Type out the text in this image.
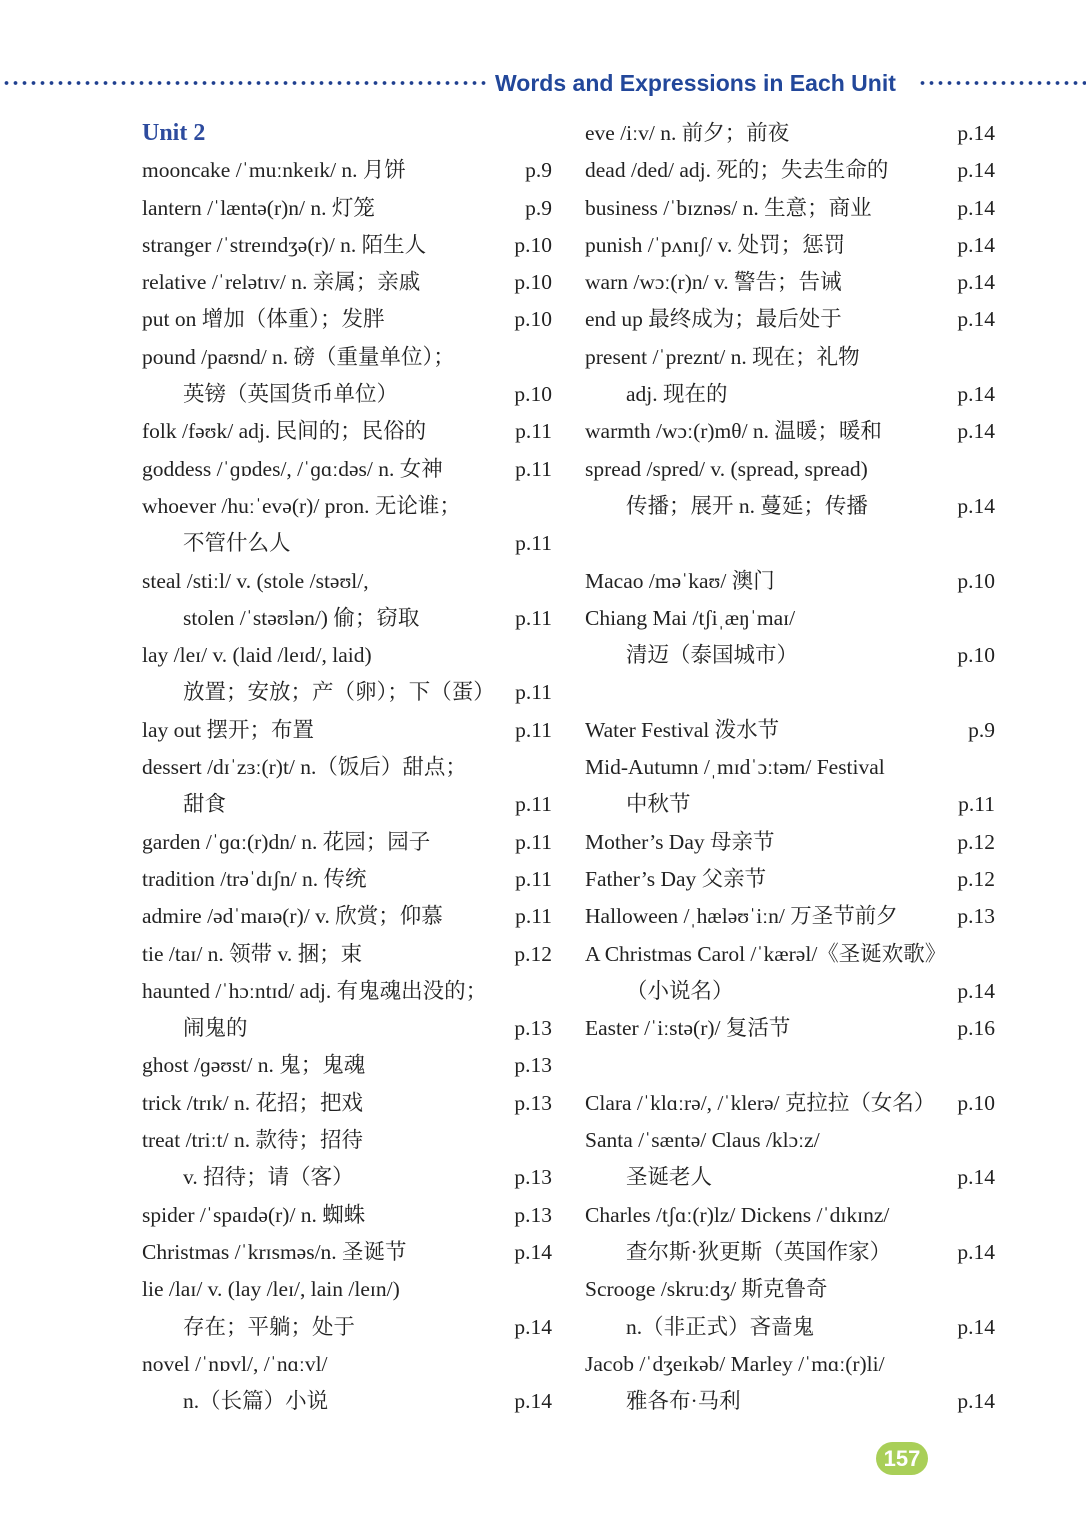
Words and Expressions in Each Unit
Unit 2
mooncake /ˈmuːnkeɪk/ n. 月饼	p.9
lantern /ˈlæntə(r)n/ n. 灯笼	p.9
stranger /ˈstreɪndʒə(r)/ n. 陌生人	p.10
relative /ˈrelətɪv/ n. 亲属；亲戚	p.10
put on 增加（体重）；发胖	p.10
pound /paʊnd/ n. 磅（重量单位）；
英镑（英国货币单位）	p.10
folk /fəʊk/ adj. 民间的；民俗的	p.11
goddess /ˈɡɒdes/, /ˈɡɑːdəs/ n. 女神	p.11
whoever /huːˈevə(r)/ pron. 无论谁；
不管什么人	p.11
steal /stiːl/ v. (stole /stəʊl/,
stolen /ˈstəʊlən/) 偷；窃取	p.11
lay /leɪ/ v. (laid /leɪd/, laid)
放置；安放；产（卵）；下（蛋） p.11
lay out 摆开；布置	p.11
dessert /dɪˈzɜː(r)t/ n.（饭后）甜点；
甜食	p.11
garden /ˈɡɑː(r)dn/ n. 花园；园子	p.11
tradition /trəˈdɪʃn/ n. 传统	p.11
admire /ədˈmaɪə(r)/ v. 欣赏；仰慕	p.11
tie /taɪ/ n. 领带 v. 捆；束	p.12
haunted /ˈhɔːntɪd/ adj. 有鬼魂出没的；
闹鬼的	p.13
ghost /ɡəʊst/ n. 鬼；鬼魂	p.13
trick /trɪk/ n. 花招；把戏	p.13
treat /triːt/ n. 款待；招待
v. 招待；请（客）	p.13
spider /ˈspaɪdə(r)/ n. 蜘蛛	p.13
Christmas /ˈkrɪsməs/n. 圣诞节	p.14
lie /laɪ/ v. (lay /leɪ/, lain /leɪn/)
存在；平躺；处于	p.14
novel /ˈnɒvl/, /ˈnɑːvl/
n.（长篇）小说	p.14
eve /iːv/ n. 前夕；前夜	p.14
dead /ded/ adj. 死的；失去生命的	p.14
business /ˈbɪznəs/ n. 生意；商业	p.14
punish /ˈpʌnɪʃ/ v. 处罚；惩罚	p.14
warn /wɔː(r)n/ v. 警告；告诫	p.14
end up 最终成为；最后处于	p.14
present /ˈpreznt/ n. 现在；礼物
adj. 现在的	p.14
warmth /wɔː(r)mθ/ n. 温暖；暖和	p.14
spread /spred/ v. (spread, spread)
传播；展开 n. 蔓延；传播	p.14
Macao /məˈkaʊ/ 澳门	p.10
Chiang Mai /tʃiˌæŋˈmaɪ/
清迈（泰国城市）	p.10
Water Festival 泼水节	p.9
Mid-Autumn /ˌmɪdˈɔːtəm/ Festival
中秋节	p.11
Mother’s Day 母亲节	p.12
Father’s Day 父亲节	p.12
Halloween /ˌhæləʊˈiːn/ 万圣节前夕	p.13
A Christmas Carol /ˈkærəl/《圣诞欢歌》
（小说名）	p.14
Easter /ˈiːstə(r)/ 复活节	p.16
Clara /ˈklɑːrə/, /ˈklerə/ 克拉拉（女名） p.10
Santa /ˈsæntə/ Claus /klɔːz/
圣诞老人	p.14
Charles /tʃɑː(r)lz/ Dickens /ˈdɪkɪnz/
查尔斯·狄更斯（英国作家）	p.14
Scrooge /skruːdʒ/ 斯克鲁奇
n.（非正式）吝啬鬼	p.14
Jacob /ˈdʒeɪkəb/ Marley /ˈmɑː(r)li/
雅各布·马利	p.14
157
